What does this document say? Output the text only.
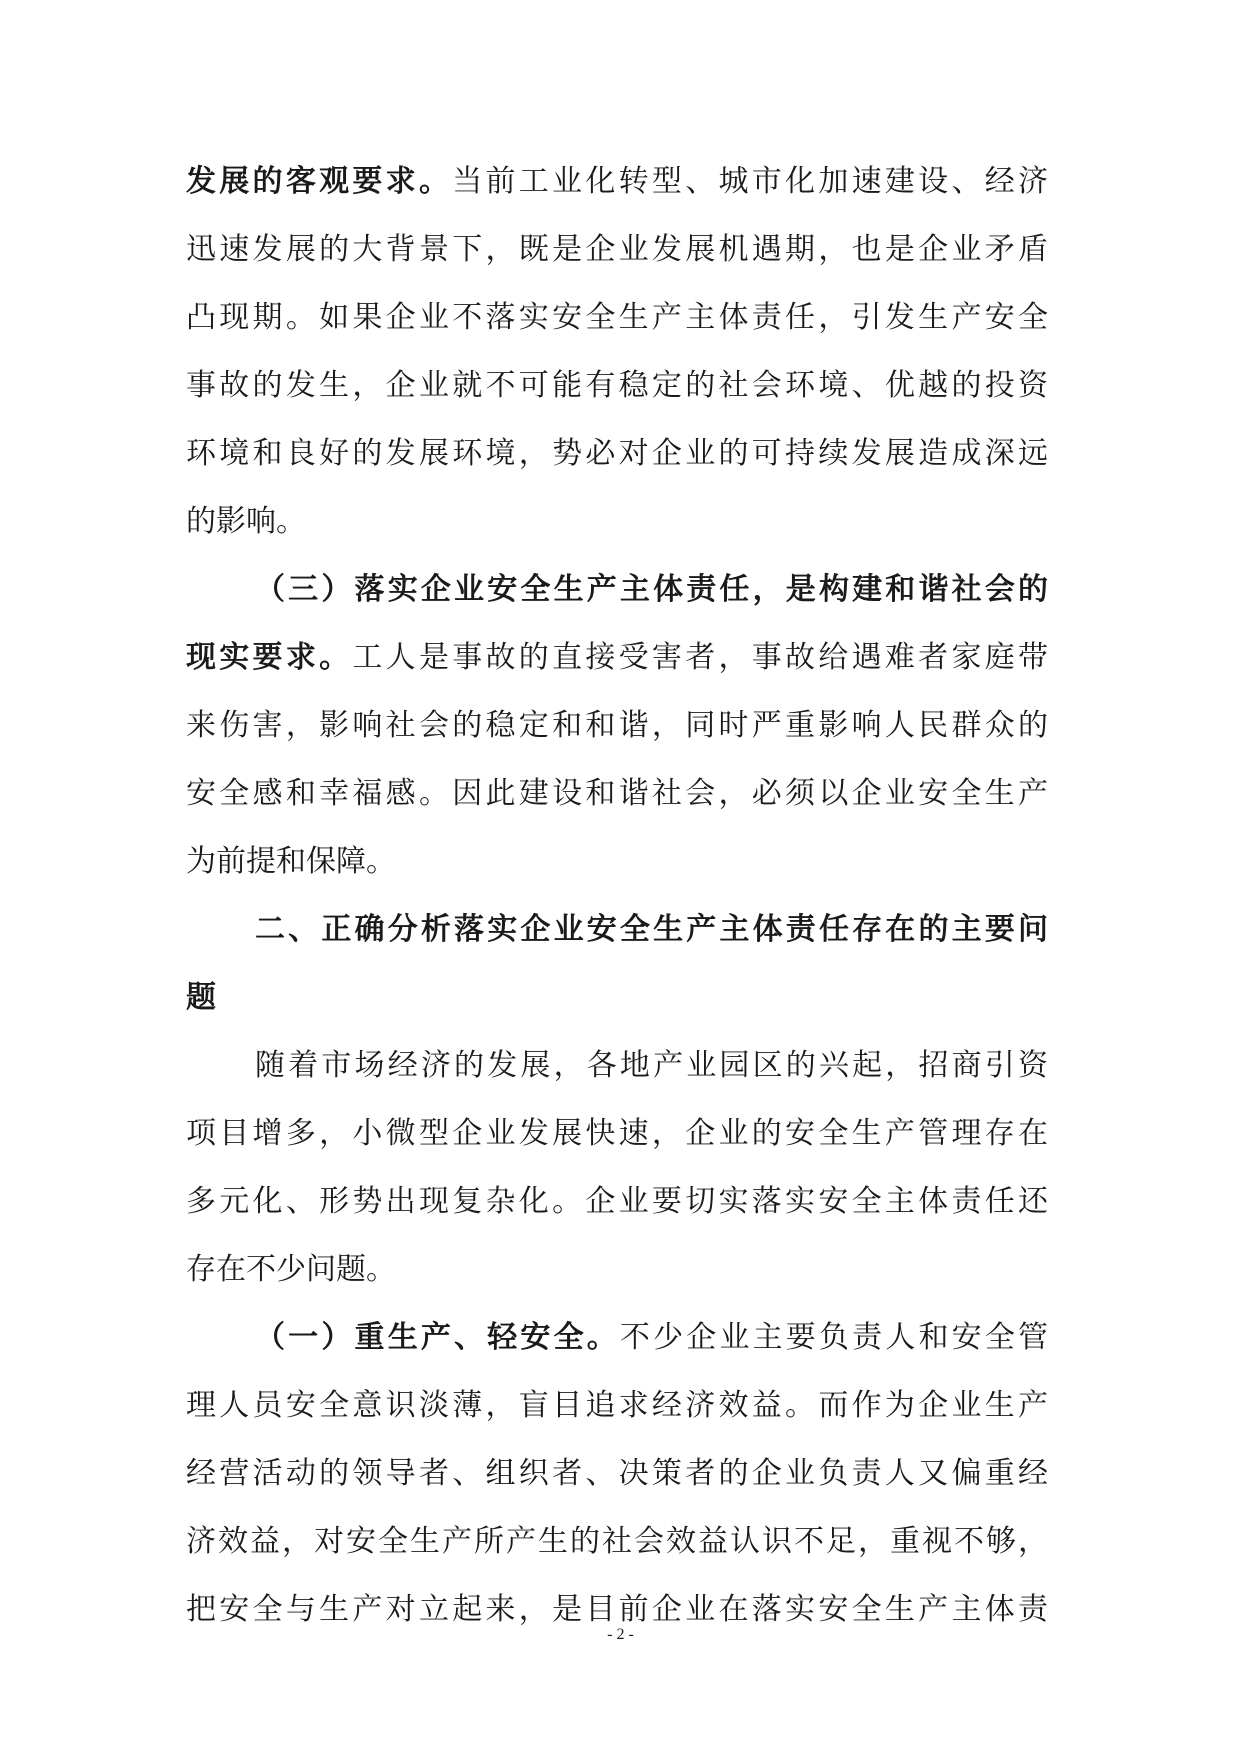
发展的客观要求。当前工业化转型、城市化加速建设、经济
迅速发展的大背景下，既是企业发展机遇期，也是企业矛盾
凸现期。如果企业不落实安全生产主体责任，引发生产安全
事故的发生，企业就不可能有稳定的社会环境、优越的投资
环境和良好的发展环境，势必对企业的可持续发展造成深远
的影响。
（三）落实企业安全生产主体责任，是构建和谐社会的
现实要求。工人是事故的直接受害者，事故给遇难者家庭带
来伤害，影响社会的稳定和和谐，同时严重影响人民群众的
安全感和幸福感。因此建设和谐社会，必须以企业安全生产
为前提和保障。
二、正确分析落实企业安全生产主体责任存在的主要问
题
随着市场经济的发展，各地产业园区的兴起，招商引资
项目增多，小微型企业发展快速，企业的安全生产管理存在
多元化、形势出现复杂化。企业要切实落实安全主体责任还
存在不少问题。
（一）重生产、轻安全。不少企业主要负责人和安全管
理人员安全意识淡薄，盲目追求经济效益。而作为企业生产
经营活动的领导者、组织者、决策者的企业负责人又偏重经
济效益，对安全生产所产生的社会效益认识不足，重视不够，
把安全与生产对立起来，是目前企业在落实安全生产主体责
- 2 -
